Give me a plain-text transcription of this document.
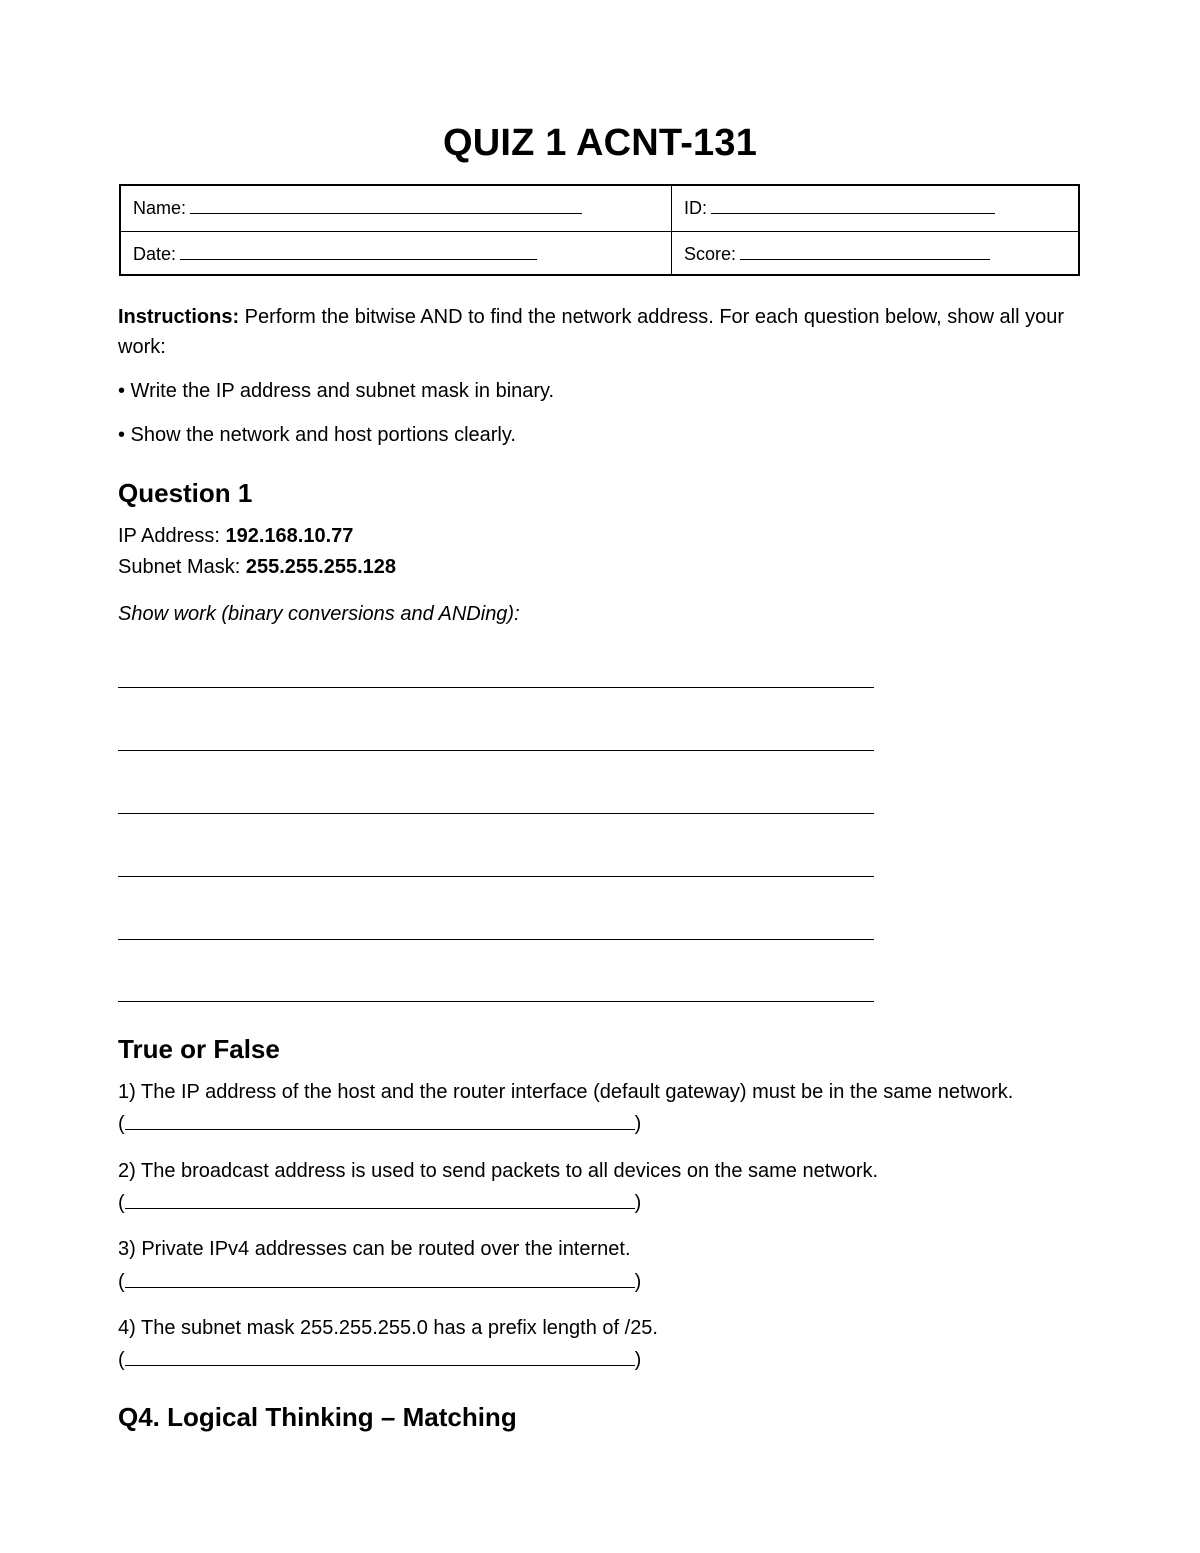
QUIZ 1 ACNT-131
Name:	ID:
Date:	Score:
Instructions: Perform the bitwise AND to find the network address. For each question below, show all your work:
• Write the IP address and subnet mask in binary.
• Show the network and host portions clearly.
Question 1
IP Address: 192.168.10.77
Subnet Mask: 255.255.255.128
Show work (binary conversions and ANDing):
True or False
1) The IP address of the host and the router interface (default gateway) must be in the same network.
(	)
2) The broadcast address is used to send packets to all devices on the same network.
(	)
3) Private IPv4 addresses can be routed over the internet.
(	)
4) The subnet mask 255.255.255.0 has a prefix length of /25.
(	)
Q4. Logical Thinking – Matching
